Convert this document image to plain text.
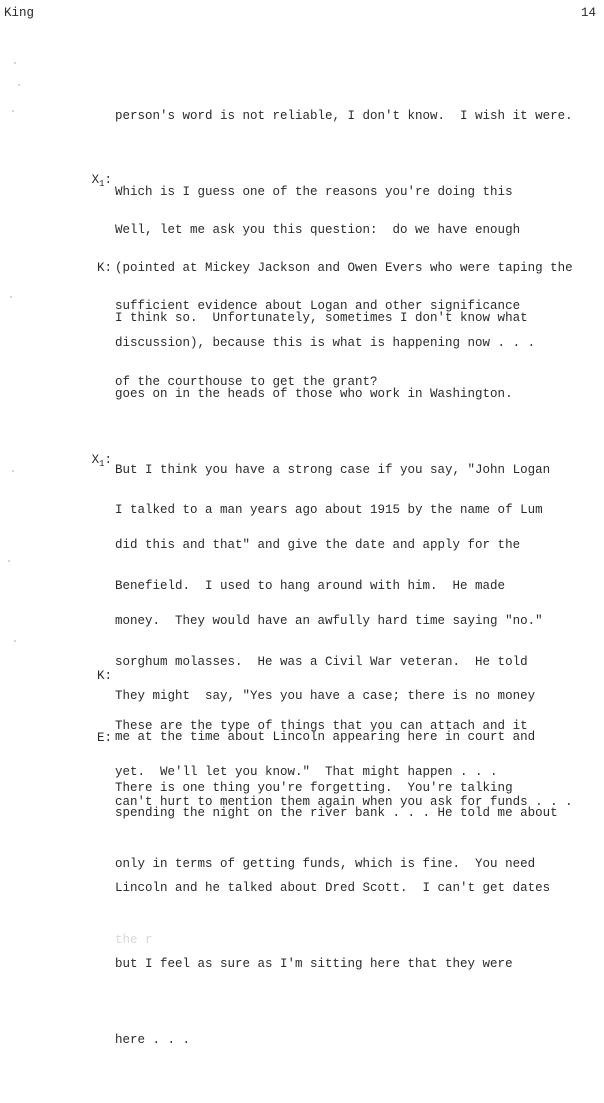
King	14

person's word is not reliable, I don't know.  I wish it were.

Which is I guess one of the reasons you're doing this

(pointed at Mickey Jackson and Owen Evers who were taping the

discussion), because this is what is happening now . . .

$X_1$:

Well, let me ask you this question:  do we have enough

sufficient evidence about Logan and other significance

of the courthouse to get the grant?

K:

I think so.  Unfortunately, sometimes I don't know what

goes on in the heads of those who work in Washington.

But I think you have a strong case if you say, "John Logan

did this and that" and give the date and apply for the

money.  They would have an awfully hard time saying "no."

They might  say, "Yes you have a case; there is no money

yet.  We'll let you know."  That might happen . . .

$X_1$:

I talked to a man years ago about 1915 by the name of Lum

Benefield.  I used to hang around with him.  He made

sorghum molasses.  He was a Civil War veteran.  He told

me at the time about Lincoln appearing here in court and

spending the night on the river bank . . . He told me about

Lincoln and he talked about Dred Scott.  I can't get dates

but I feel as sure as I'm sitting here that they were

here . . .

K:

These are the type of things that you can attach and it

can't hurt to mention them again when you ask for funds . . .

E:

There is one thing you're forgetting.  You're talking

only in terms of getting funds, which is fine.  You need

the r
